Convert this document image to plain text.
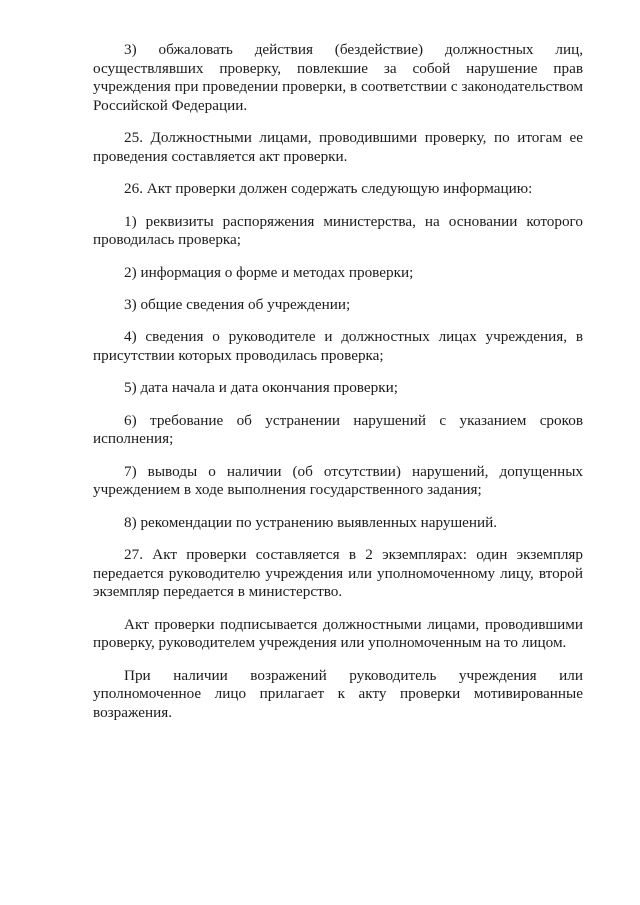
3) обжаловать действия (бездействие) должностных лиц, осуществлявших проверку, повлекшие за собой нарушение прав учреждения при проведении проверки, в соответствии с законодательством Российской Федерации.

25. Должностными лицами, проводившими проверку, по итогам ее проведения составляется акт проверки.

26. Акт проверки должен содержать следующую информацию:

1) реквизиты распоряжения министерства, на основании которого проводилась проверка;

2) информация о форме и методах проверки;

3) общие сведения об учреждении;

4) сведения о руководителе и должностных лицах учреждения, в присутствии которых проводилась проверка;

5) дата начала и дата окончания проверки;

6) требование об устранении нарушений с указанием сроков исполнения;

7) выводы о наличии (об отсутствии) нарушений, допущенных учреждением в ходе выполнения государственного задания;

8) рекомендации по устранению выявленных нарушений.

27. Акт проверки составляется в 2 экземплярах: один экземпляр передается руководителю учреждения или уполномоченному лицу, второй экземпляр передается в министерство.

Акт проверки подписывается должностными лицами, проводившими проверку, руководителем учреждения или уполномоченным на то лицом.

При наличии возражений руководитель учреждения или уполномоченное лицо прилагает к акту проверки мотивированные возражения.
